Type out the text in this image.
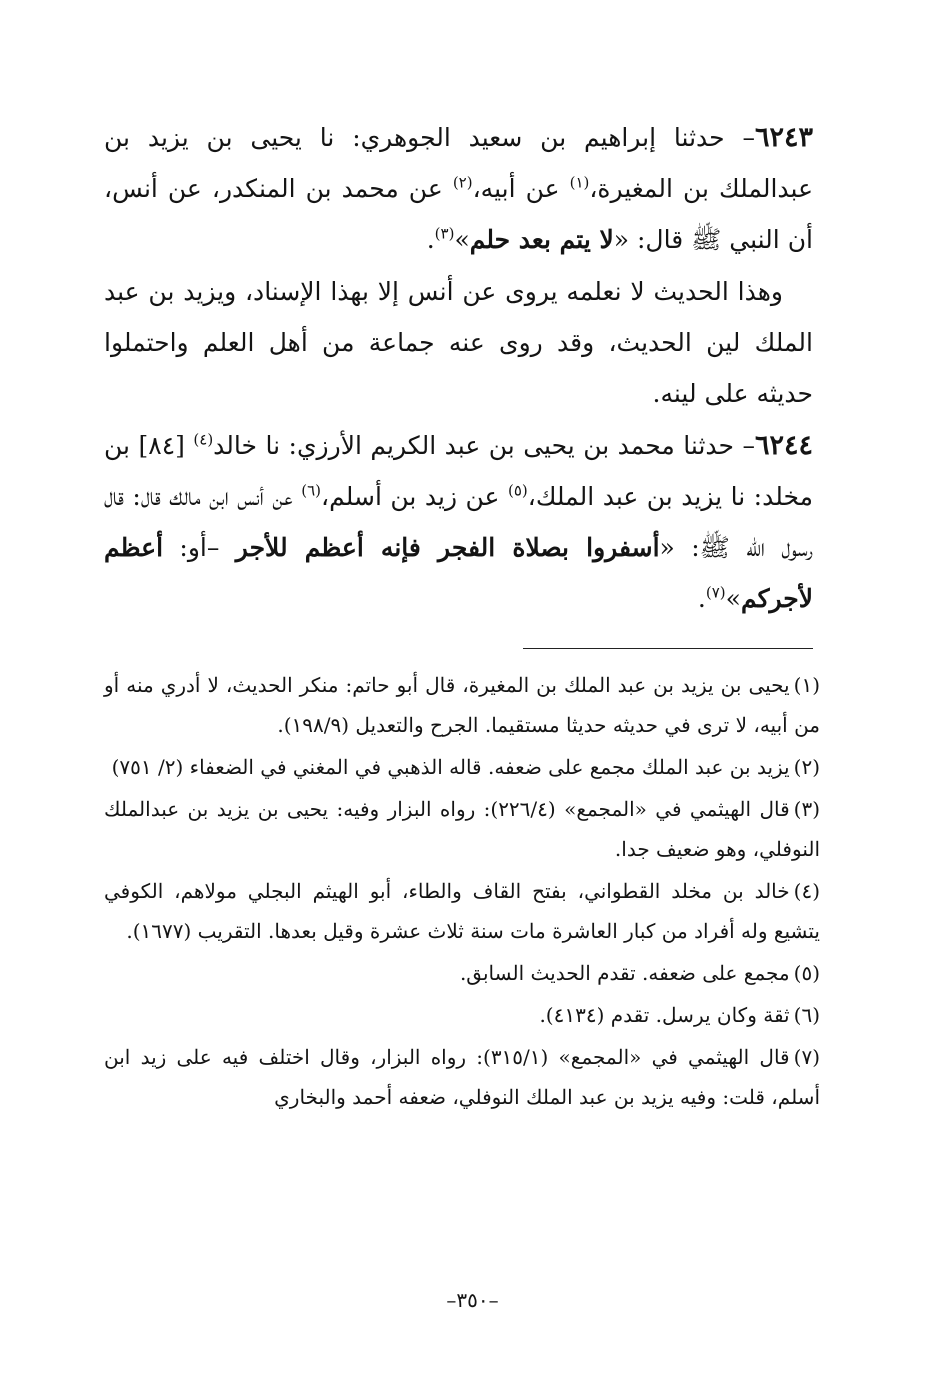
٦٢٤٣– حدثنا إبراهيم بن سعيد الجوهري: نا يحيى بن يزيد بن عبدالملك بن المغيرة،$^{(١)}$ عن أبيه،$^{(٢)}$ عن محمد بن المنكدر، عن أنس، أن النبي ﷺ قال: «لا يتم بعد حلم»$^{(٣)}$.

وهذا الحديث لا نعلمه يروى عن أنس إلا بهذا الإسناد، ويزيد بن عبد الملك لين الحديث، وقد روى عنه جماعة من أهل العلم واحتملوا حديثه على لينه.

٦٢٤٤– حدثنا محمد بن يحيى بن عبد الكريم الأرزي: نا خالد$^{(٤)}$ [٨٤] بن مخلد: نا يزيد بن عبد الملك،$^{(٥)}$ عن زيد بن أسلم،$^{(٦)}$ عن أنس ابن مالك قال: قال رسول الله ﷺ: «أسفروا بصلاة الفجر فإنه أعظم للأجر –أو: أعظم لأجركم»$^{(٧)}$.

(١)يحيى بن يزيد بن عبد الملك بن المغيرة، قال أبو حاتم: منكر الحديث، لا أدري منه أو من أبيه، لا ترى في حديثه حديثا مستقيما. الجرح والتعديل (١٩٨/٩).

(٢)يزيد بن عبد الملك مجمع على ضعفه. قاله الذهبي في المغني في الضعفاء (٢/ ٧٥١)

(٣)قال الهيثمي في «المجمع» (٢٢٦/٤): رواه البزار وفيه: يحيى بن يزيد بن عبدالملك النوفلي، وهو ضعيف جدا.

(٤)خالد بن مخلد القطواني، بفتح القاف والطاء، أبو الهيثم البجلي مولاهم، الكوفي يتشيع وله أفراد من كبار العاشرة مات سنة ثلاث عشرة وقيل بعدها. التقريب (١٦٧٧).

(٥)مجمع على ضعفه. تقدم الحديث السابق.

(٦)ثقة وكان يرسل. تقدم (٤١٣٤).

(٧)قال الهيثمي في «المجمع» (٣١٥/١): رواه البزار، وقال اختلف فيه على زيد ابن أسلم، قلت: وفيه يزيد بن عبد الملك النوفلي، ضعفه أحمد والبخاري

–٣٥٠–
